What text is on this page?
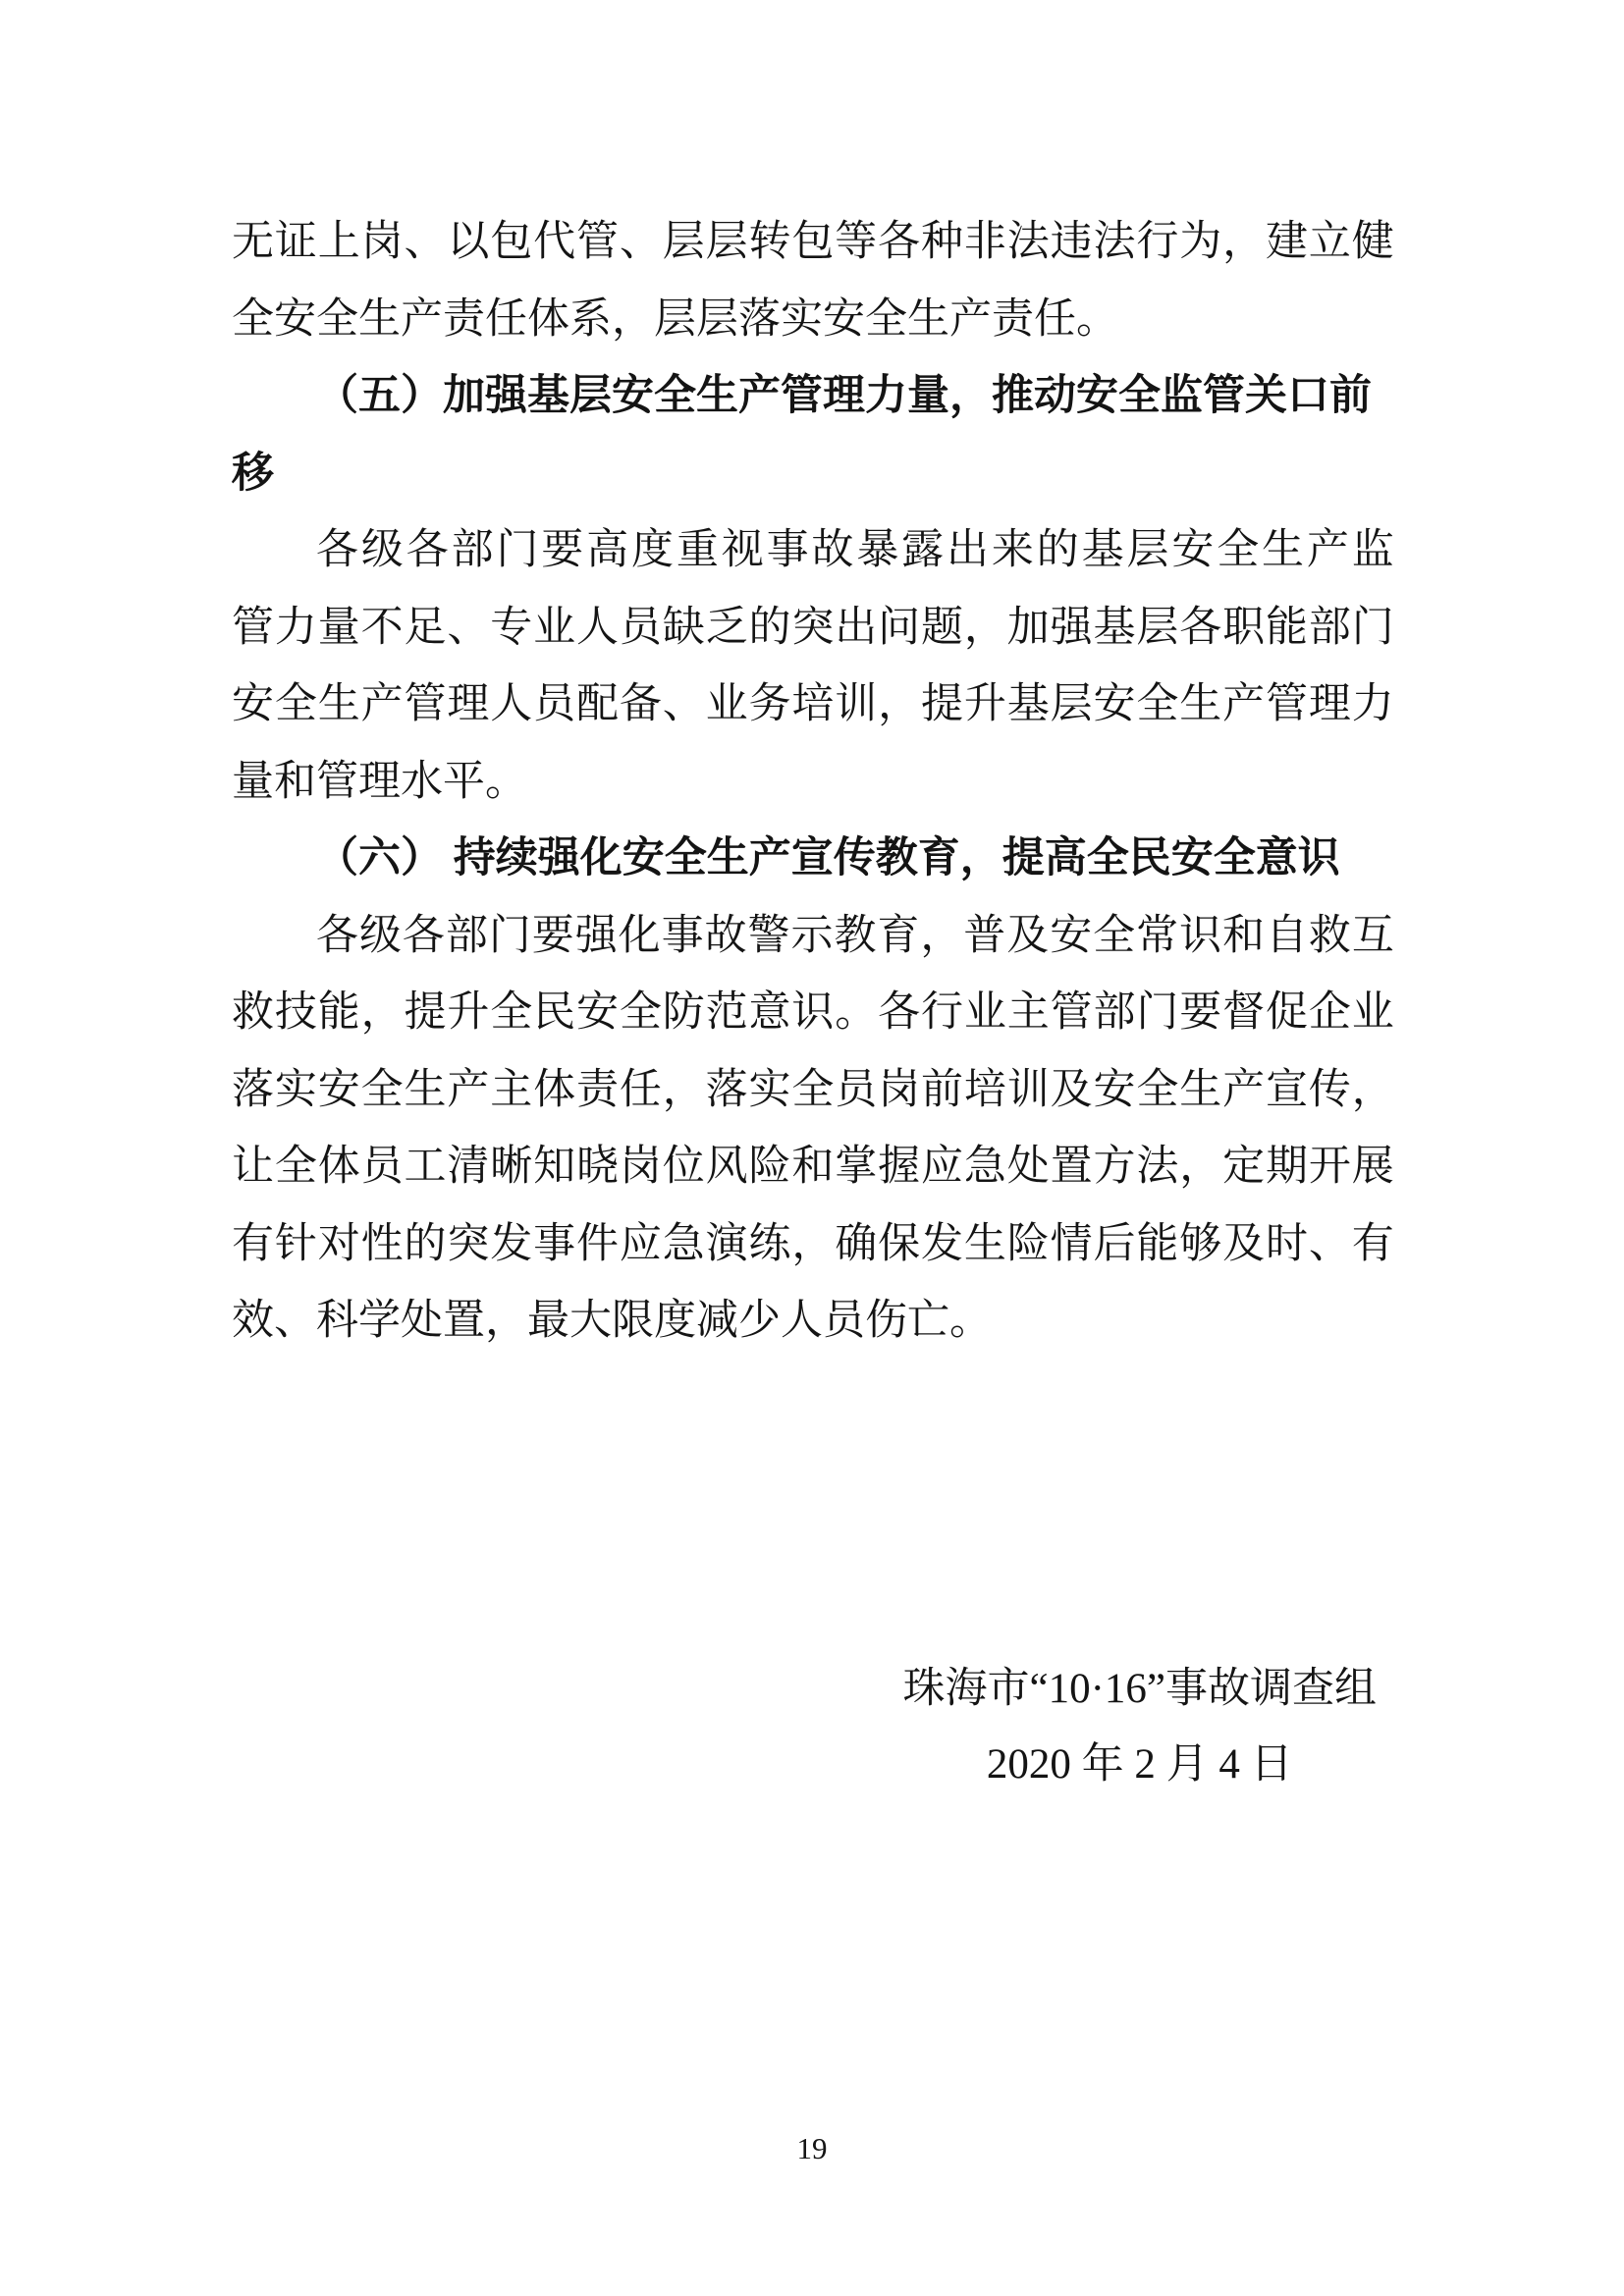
无 证 上 岗 、 以 包 代 管 、 层 层 转 包 等 各 种 非 法 违 法 行 为 ， 建 立 健
全安全生产责任体系，层层落实安全生产责任。
（五）加强基层安全生产管理力量，推动安全监管关口前
移
各 级 各 部 门 要 高 度 重 视 事 故 暴 露 出 来 的 基 层 安 全 生 产 监
管 力 量 不 足 、 专 业 人 员 缺 乏 的 突 出 问 题 ， 加 强 基 层 各 职 能 部 门
安 全 生 产 管 理 人 员 配 备 、 业 务 培 训 ， 提 升 基 层 安 全 生 产 管 理 力
量和管理水平。
（六） 持续强化安全生产宣传教育，提高全民安全意识
各 级 各 部 门 要 强 化 事 故 警 示 教 育 ， 普 及 安 全 常 识 和 自 救 互
救 技 能 ， 提 升 全 民 安 全 防 范 意 识 。 各 行 业 主 管 部 门 要 督 促 企 业
落 实 安 全 生 产 主 体 责 任 ， 落 实 全 员 岗 前 培 训 及 安 全 生 产 宣 传 ，
让 全 体 员 工 清 晰 知 晓 岗 位 风 险 和 掌 握 应 急 处 置 方 法 ， 定 期 开 展
有 针 对 性 的 突 发 事 件 应 急 演 练 ， 确 保 发 生 险 情 后 能 够 及 时 、 有
效、科学处置，最大限度减少人员伤亡。
珠海市“10·16”事故调查组
2020 年 2 月 4 日
19
